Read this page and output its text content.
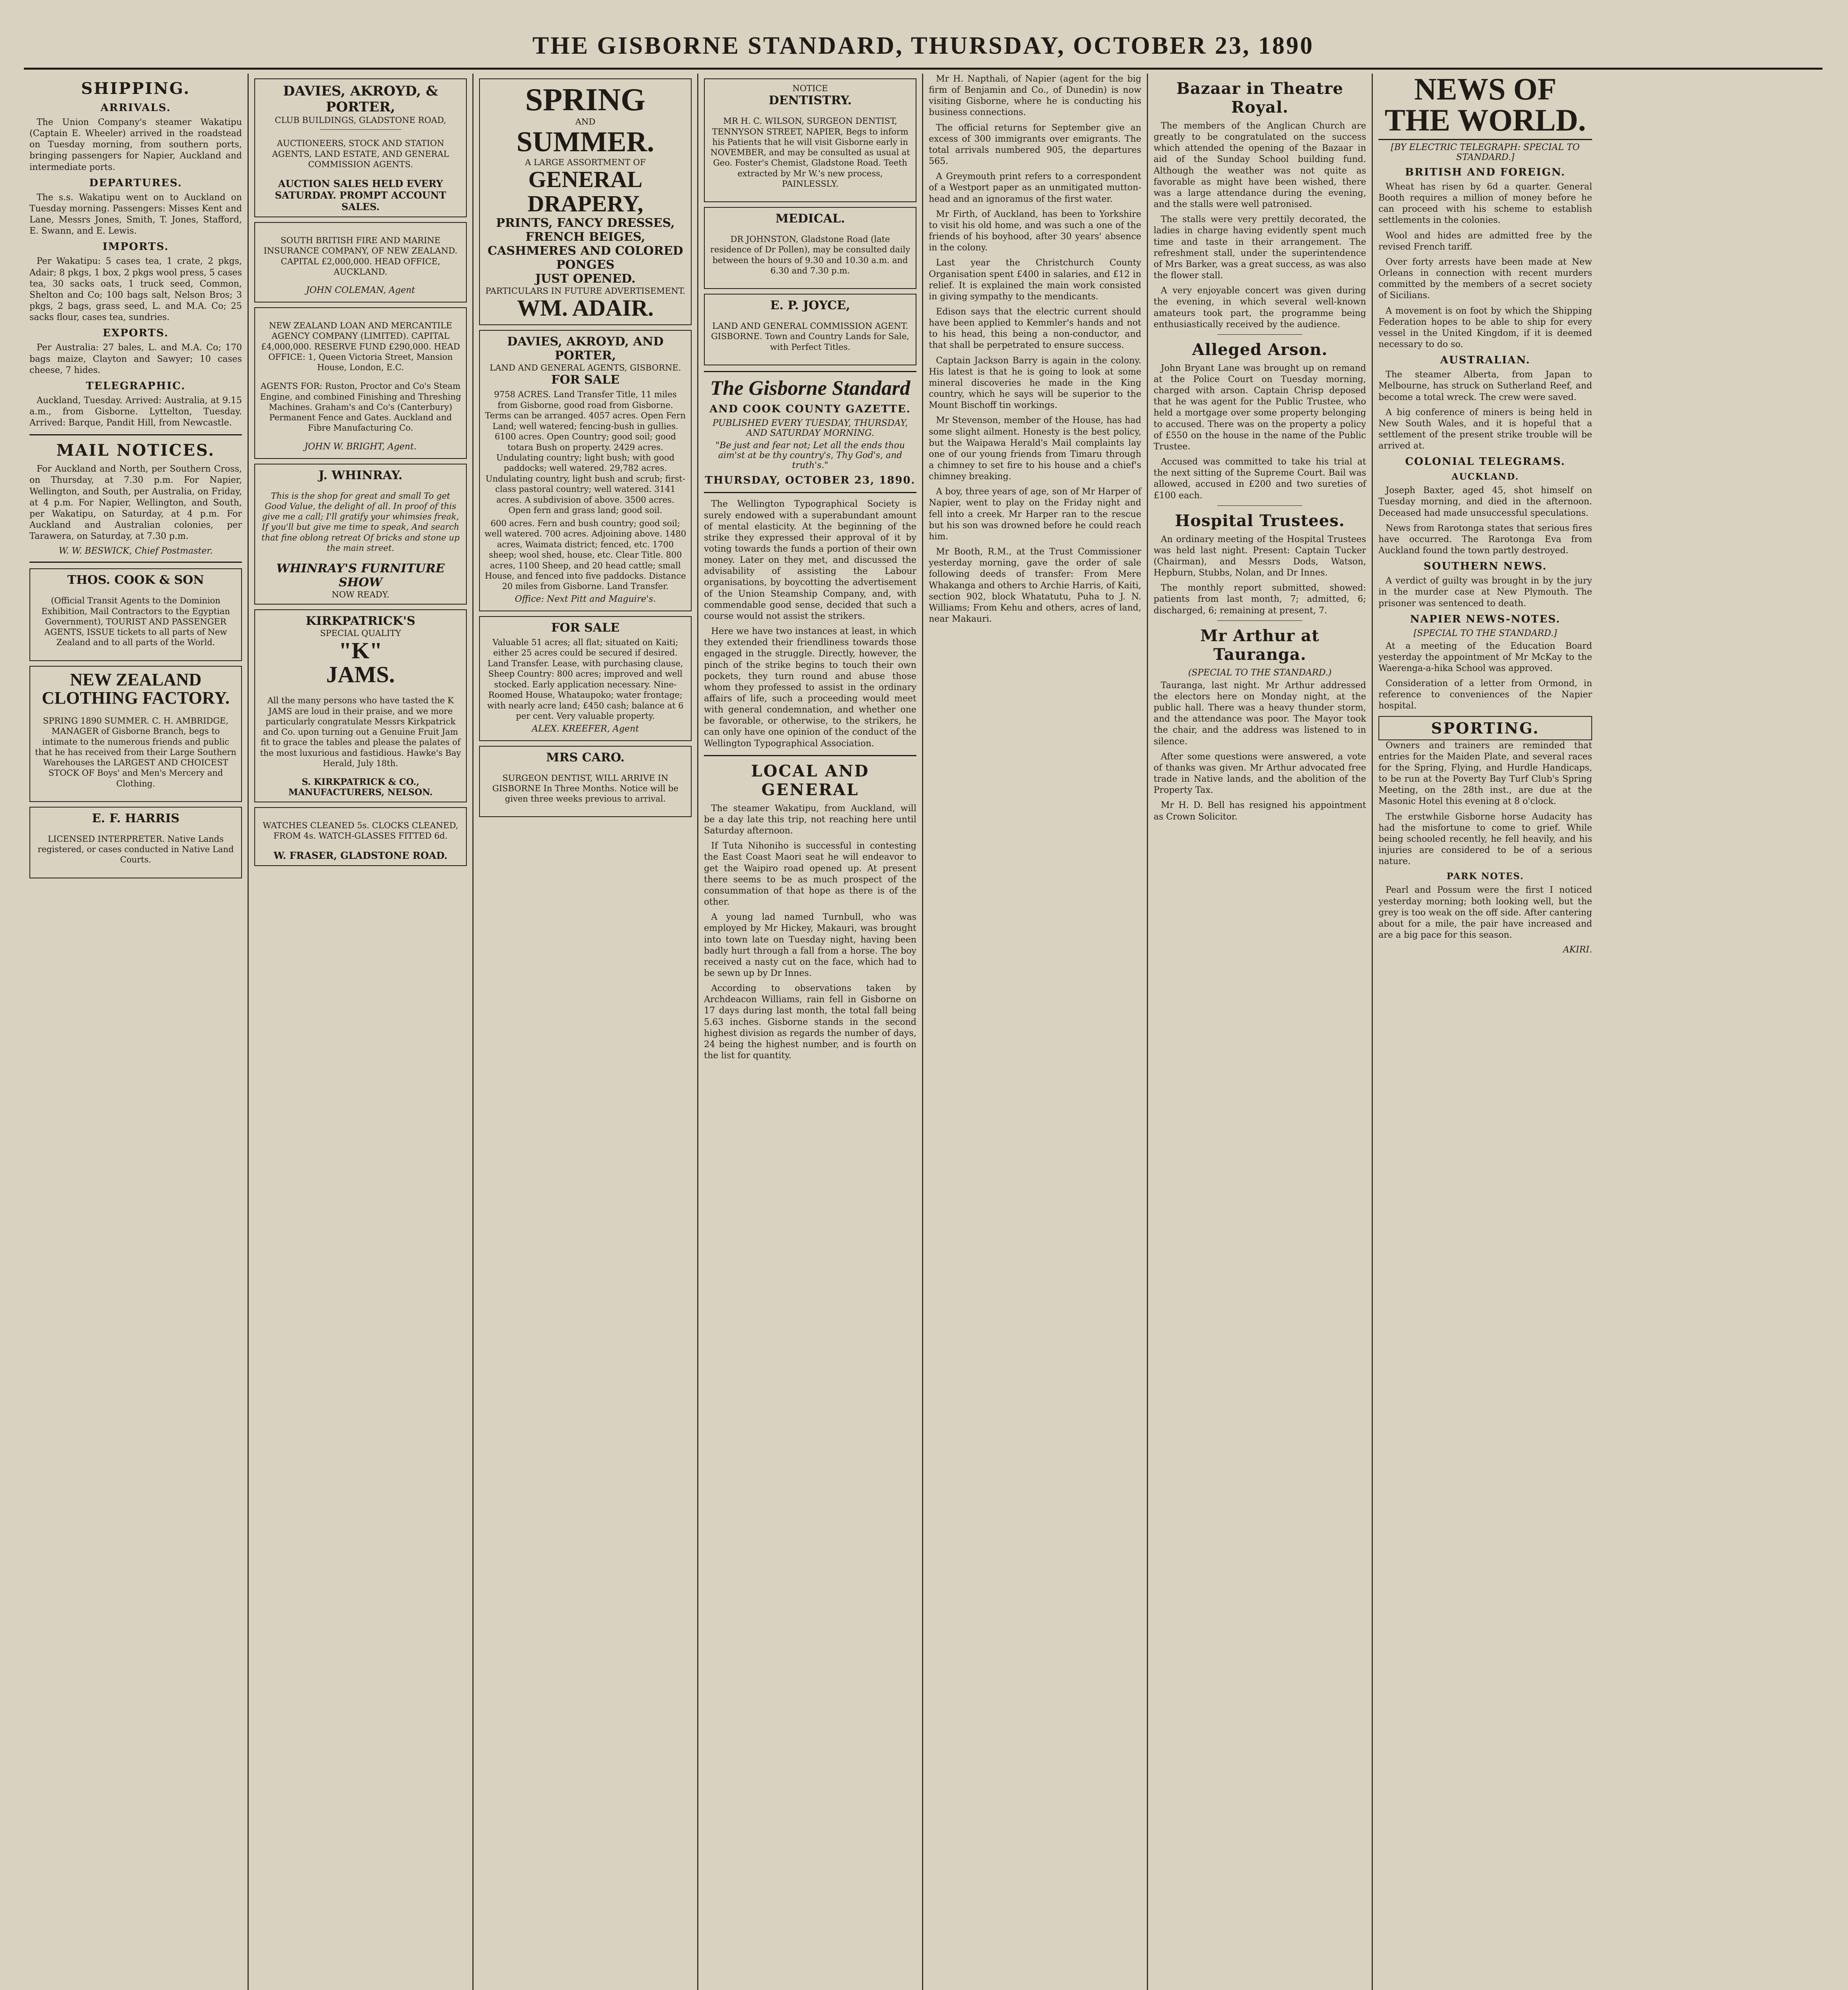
THE GISBORNE STANDARD, THURSDAY, OCTOBER 23, 1890
SHIPPING.
ARRIVALS.

The Union Company's steamer Wakatipu (Captain E. Wheeler) arrived in the roadstead on Tuesday morning, from southern ports, bringing passengers for Napier, Auckland and intermediate ports.

DEPARTURES.

The s.s. Wakatipu went on to Auckland on Tuesday morning. Passengers: Misses Kent and Lane, Messrs Jones, Smith, T. Jones, Stafford, E. Swann, and E. Lewis.

IMPORTS.

Per Wakatipu: 5 cases tea, 1 crate, 2 pkgs, Adair; 8 pkgs, 1 box, 2 pkgs wool press, 5 cases tea, 30 sacks oats, 1 truck seed, Common, Shelton and Co; 100 bags salt, Nelson Bros; 3 pkgs, 2 bags, grass seed, L. and M.A. Co; 25 sacks flour, cases tea, sundries.

EXPORTS.

Per Australia: 27 bales, L. and M.A. Co; 170 bags maize, Clayton and Sawyer; 10 cases cheese, 7 hides.

TELEGRAPHIC.

Auckland, Tuesday. Arrived: Australia, at 9.15 a.m., from Gisborne. Lyttelton, Tuesday. Arrived: Barque, Pandit Hill, from Newcastle.

MAIL NOTICES.

For Auckland and North, per Southern Cross, on Thursday, at 7.30 p.m. For Napier, Wellington, and South, per Australia, on Friday, at 4 p.m. For Napier, Wellington, and South, per Wakatipu, on Saturday, at 4 p.m. For Auckland and Australian colonies, per Tarawera, on Saturday, at 7.30 p.m.

W. W. BESWICK, Chief Postmaster.
THOS. COOK & SON

(Official Transit Agents to the Dominion Exhibition, Mail Contractors to the Egyptian Government), TOURIST AND PASSENGER AGENTS, ISSUE tickets to all parts of New Zealand and to all parts of the World.

NEW ZEALAND CLOTHING FACTORY.

SPRING 1890 SUMMER. C. H. AMBRIDGE, MANAGER of Gisborne Branch, begs to intimate to the numerous friends and public that he has received from their Large Southern Warehouses the LARGEST AND CHOICEST STOCK OF Boys' and Men's Mercery and Clothing.

E. F. HARRIS

LICENSED INTERPRETER. Native Lands registered, or cases conducted in Native Land Courts.

DAVIES, AKROYD, & PORTER,
CLUB BUILDINGS, GLADSTONE ROAD,

AUCTIONEERS, STOCK AND STATION AGENTS, LAND ESTATE, AND GENERAL COMMISSION AGENTS.

AUCTION SALES HELD EVERY SATURDAY. PROMPT ACCOUNT SALES.

SOUTH BRITISH FIRE AND MARINE INSURANCE COMPANY, OF NEW ZEALAND. CAPITAL £2,000,000. HEAD OFFICE, AUCKLAND.

JOHN COLEMAN, Agent

NEW ZEALAND LOAN AND MERCANTILE AGENCY COMPANY (LIMITED). CAPITAL £4,000,000. RESERVE FUND £290,000. HEAD OFFICE: 1, Queen Victoria Street, Mansion House, London, E.C.

AGENTS FOR: Ruston, Proctor and Co's Steam Engine, and combined Finishing and Threshing Machines. Graham's and Co's (Canterbury) Permanent Fence and Gates. Auckland and Fibre Manufacturing Co.

JOHN W. BRIGHT, Agent.
J. WHINRAY.

This is the shop for great and small To get Good Value, the delight of all. In proof of this give me a call; I'll gratify your whimsies freak, If you'll but give me time to speak, And search that fine oblong retreat Of bricks and stone up the main street.

WHINRAY'S FURNITURE SHOW
NOW READY.
KIRKPATRICK'S
SPECIAL QUALITY
"K"
JAMS.

All the many persons who have tasted the K JAMS are loud in their praise, and we more particularly congratulate Messrs Kirkpatrick and Co. upon turning out a Genuine Fruit Jam fit to grace the tables and please the palates of the most luxurious and fastidious. Hawke's Bay Herald, July 18th.

S. KIRKPATRICK & CO., MANUFACTURERS, NELSON.

WATCHES CLEANED 5s. CLOCKS CLEANED, FROM 4s. WATCH-GLASSES FITTED 6d.

W. FRASER, GLADSTONE ROAD.
SPRING
AND
SUMMER.
A LARGE ASSORTMENT OF
GENERAL DRAPERY,
PRINTS, FANCY DRESSES, FRENCH BEIGES, CASHMERES AND COLORED PONGES
JUST OPENED.
PARTICULARS IN FUTURE ADVERTISEMENT.
WM. ADAIR.
DAVIES, AKROYD, AND PORTER,
LAND AND GENERAL AGENTS, GISBORNE.
FOR SALE

9758 ACRES. Land Transfer Title, 11 miles from Gisborne, good road from Gisborne. Terms can be arranged. 4057 acres. Open Fern Land; well watered; fencing-bush in gullies. 6100 acres. Open Country; good soil; good totara Bush on property. 2429 acres. Undulating country; light bush; with good paddocks; well watered. 29,782 acres. Undulating country, light bush and scrub; first-class pastoral country; well watered. 3141 acres. A subdivision of above. 3500 acres. Open fern and grass land; good soil.

600 acres. Fern and bush country; good soil; well watered. 700 acres. Adjoining above. 1480 acres, Waimata district; fenced, etc. 1700 sheep; wool shed, house, etc. Clear Title. 800 acres, 1100 Sheep, and 20 head cattle; small House, and fenced into five paddocks. Distance 20 miles from Gisborne. Land Transfer.

Office: Next Pitt and Maguire's.
FOR SALE

Valuable 51 acres; all flat; situated on Kaiti; either 25 acres could be secured if desired. Land Transfer. Lease, with purchasing clause, Sheep Country: 800 acres; improved and well stocked. Early application necessary. Nine-Roomed House, Whataupoko; water frontage; with nearly acre land; £450 cash; balance at 6 per cent. Very valuable property.

ALEX. KREEFER, Agent
MRS CARO.

SURGEON DENTIST, WILL ARRIVE IN GISBORNE In Three Months. Notice will be given three weeks previous to arrival.

NOTICE
DENTISTRY.

MR H. C. WILSON, SURGEON DENTIST, TENNYSON STREET, NAPIER, Begs to inform his Patients that he will visit Gisborne early in NOVEMBER, and may be consulted as usual at Geo. Foster's Chemist, Gladstone Road. Teeth extracted by Mr W.'s new process, PAINLESSLY.

MEDICAL.

DR JOHNSTON, Gladstone Road (late residence of Dr Pollen), may be consulted daily between the hours of 9.30 and 10.30 a.m. and 6.30 and 7.30 p.m.

E. P. JOYCE,

LAND AND GENERAL COMMISSION AGENT. GISBORNE. Town and Country Lands for Sale, with Perfect Titles.

The Gisborne Standard
AND COOK COUNTY GAZETTE.
PUBLISHED EVERY TUESDAY, THURSDAY, AND SATURDAY MORNING.
"Be just and fear not; Let all the ends thou aim'st at be thy country's, Thy God's, and truth's."
THURSDAY, OCTOBER 23, 1890.

The Wellington Typographical Society is surely endowed with a superabundant amount of mental elasticity. At the beginning of the strike they expressed their approval of it by voting towards the funds a portion of their own money. Later on they met, and discussed the advisability of assisting the Labour organisations, by boycotting the advertisement of the Union Steamship Company, and, with commendable good sense, decided that such a course would not assist the strikers.

Here we have two instances at least, in which they extended their friendliness towards those engaged in the struggle. Directly, however, the pinch of the strike begins to touch their own pockets, they turn round and abuse those whom they professed to assist in the ordinary affairs of life, such a proceeding would meet with general condemnation, and whether one be favorable, or otherwise, to the strikers, he can only have one opinion of the conduct of the Wellington Typographical Association.

LOCAL AND GENERAL

The steamer Wakatipu, from Auckland, will be a day late this trip, not reaching here until Saturday afternoon.

If Tuta Nihoniho is successful in contesting the East Coast Maori seat he will endeavor to get the Waipiro road opened up. At present there seems to be as much prospect of the consummation of that hope as there is of the other.

A young lad named Turnbull, who was employed by Mr Hickey, Makauri, was brought into town late on Tuesday night, having been badly hurt through a fall from a horse. The boy received a nasty cut on the face, which had to be sewn up by Dr Innes.

According to observations taken by Archdeacon Williams, rain fell in Gisborne on 17 days during last month, the total fall being 5.63 inches. Gisborne stands in the second highest division as regards the number of days, 24 being the highest number, and is fourth on the list for quantity.

Mr H. Napthali, of Napier (agent for the big firm of Benjamin and Co., of Dunedin) is now visiting Gisborne, where he is conducting his business connections.

The official returns for September give an excess of 300 immigrants over emigrants. The total arrivals numbered 905, the departures 565.

A Greymouth print refers to a correspondent of a Westport paper as an unmitigated mutton-head and an ignoramus of the first water.

Mr Firth, of Auckland, has been to Yorkshire to visit his old home, and was such a one of the friends of his boyhood, after 30 years' absence in the colony.

Last year the Christchurch County Organisation spent £400 in salaries, and £12 in relief. It is explained the main work consisted in giving sympathy to the mendicants.

Edison says that the electric current should have been applied to Kemmler's hands and not to his head, this being a non-conductor, and that shall be perpetrated to ensure success.

Captain Jackson Barry is again in the colony. His latest is that he is going to look at some mineral discoveries he made in the King country, which he says will be superior to the Mount Bischoff tin workings.

Mr Stevenson, member of the House, has had some slight ailment. Honesty is the best policy, but the Waipawa Herald's Mail complaints lay one of our young friends from Timaru through a chimney to set fire to his house and a chief's chimney breaking.

A boy, three years of age, son of Mr Harper of Napier, went to play on the Friday night and fell into a creek. Mr Harper ran to the rescue but his son was drowned before he could reach him.

Mr Booth, R.M., at the Trust Commissioner yesterday morning, gave the order of sale following deeds of transfer: From Mere Whakanga and others to Archie Harris, of Kaiti, section 902, block Whatatutu, Puha to J. N. Williams; From Kehu and others, acres of land, near Makauri.

Bazaar in Theatre Royal.

The members of the Anglican Church are greatly to be congratulated on the success which attended the opening of the Bazaar in aid of the Sunday School building fund. Although the weather was not quite as favorable as might have been wished, there was a large attendance during the evening, and the stalls were well patronised.

The stalls were very prettily decorated, the ladies in charge having evidently spent much time and taste in their arrangement. The refreshment stall, under the superintendence of Mrs Barker, was a great success, as was also the flower stall.

A very enjoyable concert was given during the evening, in which several well-known amateurs took part, the programme being enthusiastically received by the audience.

Alleged Arson.

John Bryant Lane was brought up on remand at the Police Court on Tuesday morning, charged with arson. Captain Chrisp deposed that he was agent for the Public Trustee, who held a mortgage over some property belonging to accused. There was on the property a policy of £550 on the house in the name of the Public Trustee.

Accused was committed to take his trial at the next sitting of the Supreme Court. Bail was allowed, accused in £200 and two sureties of £100 each.

Hospital Trustees.

An ordinary meeting of the Hospital Trustees was held last night. Present: Captain Tucker (Chairman), and Messrs Dods, Watson, Hepburn, Stubbs, Nolan, and Dr Innes.

The monthly report submitted, showed: patients from last month, 7; admitted, 6; discharged, 6; remaining at present, 7.

Mr Arthur at Tauranga.
(SPECIAL TO THE STANDARD.)

Tauranga, last night. Mr Arthur addressed the electors here on Monday night, at the public hall. There was a heavy thunder storm, and the attendance was poor. The Mayor took the chair, and the address was listened to in silence.

After some questions were answered, a vote of thanks was given. Mr Arthur advocated free trade in Native lands, and the abolition of the Property Tax.

Mr H. D. Bell has resigned his appointment as Crown Solicitor.

NEWS OF THE WORLD.
[BY ELECTRIC TELEGRAPH: SPECIAL TO STANDARD.]
BRITISH AND FOREIGN.

Wheat has risen by 6d a quarter. General Booth requires a million of money before he can proceed with his scheme to establish settlements in the colonies.

Wool and hides are admitted free by the revised French tariff.

Over forty arrests have been made at New Orleans in connection with recent murders committed by the members of a secret society of Sicilians.

A movement is on foot by which the Shipping Federation hopes to be able to ship for every vessel in the United Kingdom, if it is deemed necessary to do so.

AUSTRALIAN.

The steamer Alberta, from Japan to Melbourne, has struck on Sutherland Reef, and become a total wreck. The crew were saved.

A big conference of miners is being held in New South Wales, and it is hopeful that a settlement of the present strike trouble will be arrived at.

COLONIAL TELEGRAMS.
AUCKLAND.

Joseph Baxter, aged 45, shot himself on Tuesday morning, and died in the afternoon. Deceased had made unsuccessful speculations.

News from Rarotonga states that serious fires have occurred. The Rarotonga Eva from Auckland found the town partly destroyed.

SOUTHERN NEWS.

A verdict of guilty was brought in by the jury in the murder case at New Plymouth. The prisoner was sentenced to death.

NAPIER NEWS-NOTES.
[SPECIAL TO THE STANDARD.]

At a meeting of the Education Board yesterday the appointment of Mr McKay to the Waerenga-a-hika School was approved.

Consideration of a letter from Ormond, in reference to conveniences of the Napier hospital.

SPORTING.

Owners and trainers are reminded that entries for the Maiden Plate, and several races for the Spring, Flying, and Hurdle Handicaps, to be run at the Poverty Bay Turf Club's Spring Meeting, on the 28th inst., are due at the Masonic Hotel this evening at 8 o'clock.

The erstwhile Gisborne horse Audacity has had the misfortune to come to grief. While being schooled recently, he fell heavily, and his injuries are considered to be of a serious nature.

PARK NOTES.

Pearl and Possum were the first I noticed yesterday morning; both looking well, but the grey is too weak on the off side. After cantering about for a mile, the pair have increased and are a big pace for this season.

AKIRI.
